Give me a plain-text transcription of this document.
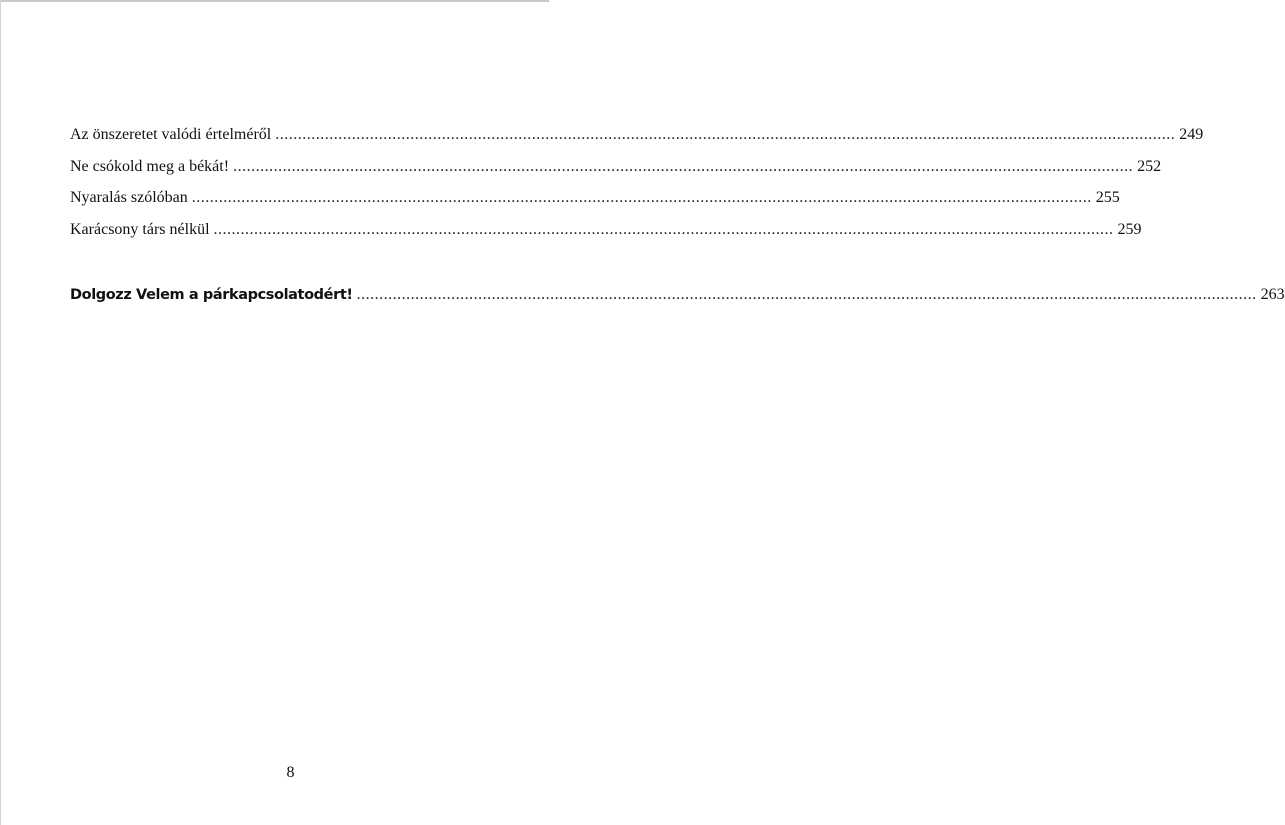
Az önszeretet valódi értelméről ........................................................................................................................................................................................................ 249
Ne csókold meg a békát! ........................................................................................................................................................................................................ 252
Nyaralás szólóban ........................................................................................................................................................................................................ 255
Karácsony társ nélkül ........................................................................................................................................................................................................ 259
Dolgozz Velem a párkapcsolatodért! ........................................................................................................................................................................................................ 263
8
